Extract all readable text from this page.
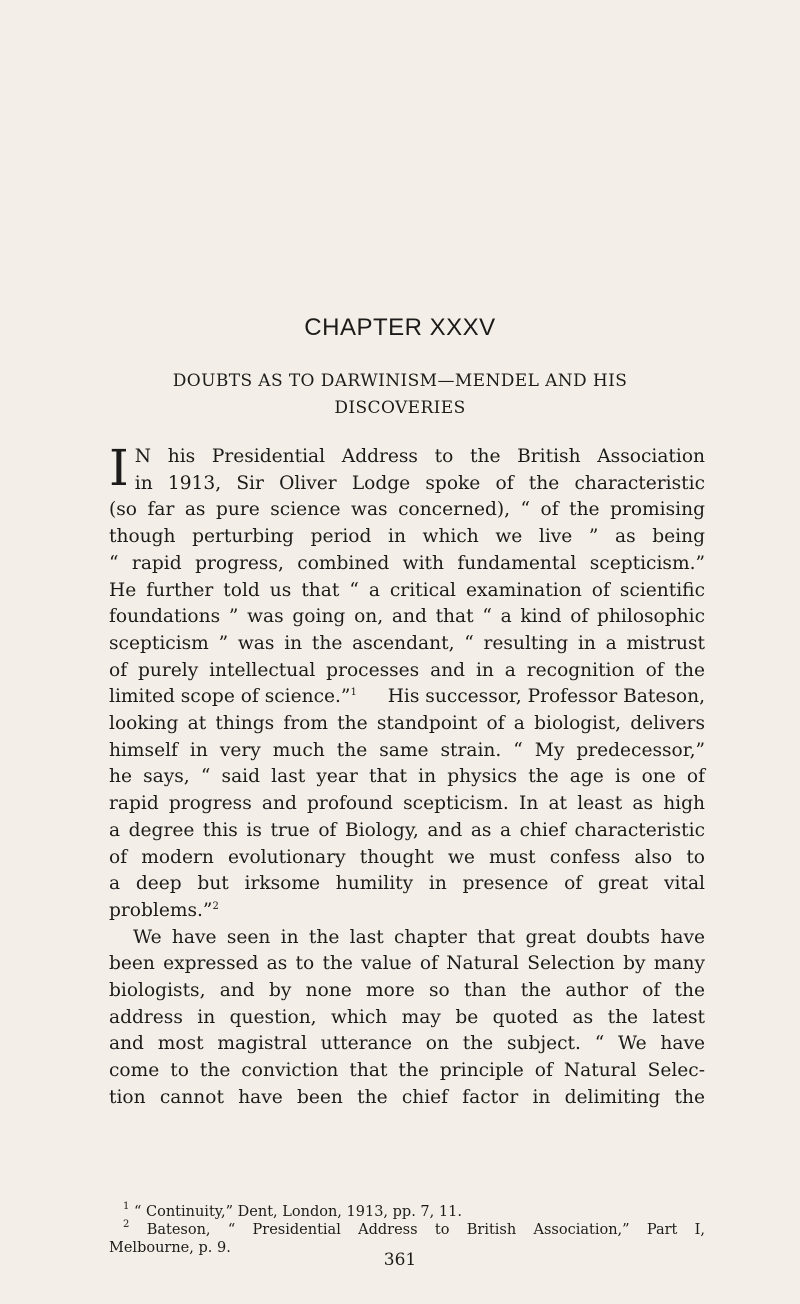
CHAPTER XXXV
DOUBTS AS TO DARWINISM—MENDEL AND HIS
DISCOVERIES
I N his Presidential Address to the British Association
in 1913, Sir Oliver Lodge spoke of the characteristic
(so far as pure science was concerned), “ of the promising
though perturbing period in which we live ” as being
“ rapid progress, combined with fundamental scepticism.”
He further told us that “ a critical examination of scientific
foundations ” was going on, and that “ a kind of philosophic
scepticism ” was in the ascendant, “ resulting in a mistrust
of purely intellectual processes and in a recognition of the
limited scope of science.”$^1$ His successor, Professor Bateson,
looking at things from the standpoint of a biologist, delivers
himself in very much the same strain. “ My predecessor,”
he says, “ said last year that in physics the age is one of
rapid progress and profound scepticism. In at least as high
a degree this is true of Biology, and as a chief characteristic
of modern evolutionary thought we must confess also to
a deep but irksome humility in presence of great vital
problems.”$^2$
We have seen in the last chapter that great doubts have
been expressed as to the value of Natural Selection by many
biologists, and by none more so than the author of the
address in question, which may be quoted as the latest
and most magistral utterance on the subject. “ We have
come to the conviction that the principle of Natural Selec-
tion cannot have been the chief factor in delimiting the
$^1$ “ Continuity,” Dent, London, 1913, pp. 7, 11.
$^2$ Bateson, “ Presidential Address to British Association,” Part I,
Melbourne, p. 9.
361
